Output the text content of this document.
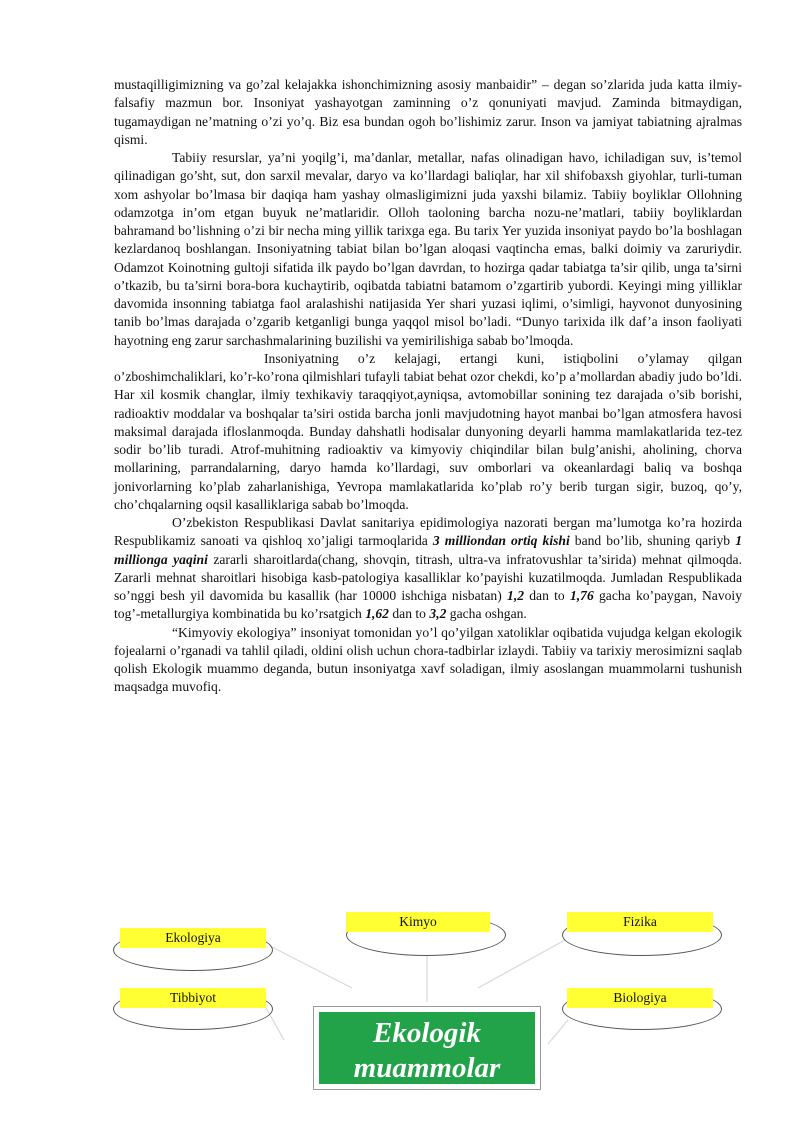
mustaqilligimizning va go’zal kelajakka ishonchimizning asosiy manbaidir” – degan so’zlarida juda katta ilmiy-falsafiy mazmun bor. Insoniyat yashayotgan zaminning o’z qonuniyati mavjud. Zaminda bitmaydigan, tugamaydigan ne’matning o’zi yo’q. Biz esa bundan ogoh bo’lishimiz zarur. Inson va jamiyat tabiatning ajralmas qismi.

Tabiiy resurslar, ya’ni yoqilg’i, ma’danlar, metallar, nafas olinadigan havo, ichiladigan suv, is’temol qilinadigan go’sht, sut, don sarxil mevalar, daryo va ko’llardagi baliqlar, har xil shifobaxsh giyohlar, turli-tuman xom ashyolar bo’lmasa bir daqiqa ham yashay olmasligimizni juda yaxshi bilamiz. Tabiiy boyliklar Ollohning odamzotga in’om etgan buyuk ne’matlaridir. Olloh taoloning barcha nozu-ne’matlari, tabiiy boyliklardan bahramand bo’lishning o’zi bir necha ming yillik tarixga ega. Bu tarix Yer yuzida insoniyat paydo bo’la boshlagan kezlardanoq boshlangan. Insoniyatning tabiat bilan bo’lgan aloqasi vaqtincha emas, balki doimiy va zaruriydir. Odamzot Koinotning gultoji sifatida ilk paydo bo’lgan davrdan, to hozirga qadar tabiatga ta’sir qilib, unga ta’sirni o’tkazib, bu ta’sirni bora-bora kuchaytirib, oqibatda tabiatni batamom o’zgartirib yubordi. Keyingi ming yilliklar davomida insonning tabiatga faol aralashishi natijasida Yer shari yuzasi iqlimi, o’simligi, hayvonot dunyosining tanib bo’lmas darajada o’zgarib ketganligi bunga yaqqol misol bo’ladi. “Dunyo tarixida ilk daf’a inson faoliyati hayotning eng zarur sarchashmalarining buzilishi va yemirilishiga sabab bo’lmoqda.

Insoniyatning o’z kelajagi, ertangi kuni, istiqbolini o’ylamay qilgan o’zboshimchaliklari, ko’r-ko’rona qilmishlari tufayli tabiat behat ozor chekdi, ko’p a’mollardan abadiy judo bo’ldi. Har xil kosmik changlar, ilmiy texhikaviy taraqqiyot,ayniqsa, avtomobillar sonining tez darajada o’sib borishi, radioaktiv moddalar va boshqalar ta’siri ostida barcha jonli mavjudotning hayot manbai bo’lgan atmosfera havosi maksimal darajada ifloslanmoqda. Bunday dahshatli hodisalar dunyoning deyarli hamma mamlakatlarida tez-tez sodir bo’lib turadi. Atrof-muhitning radioaktiv va kimyoviy chiqindilar bilan bulg’anishi, aholining, chorva mollarining, parrandalarning, daryo hamda ko’llardagi, suv omborlari va okeanlardagi baliq va boshqa jonivorlarning ko’plab zaharlanishiga, Yevropa mamlakatlarida ko’plab ro’y berib turgan sigir, buzoq, qo’y, cho’chqalarning oqsil kasalliklariga sabab bo’lmoqda.

O’zbekiston Respublikasi Davlat sanitariya epidimologiya nazorati bergan ma’lumotga ko’ra hozirda Respublikamiz sanoati va qishloq xo’jaligi tarmoqlarida 3 milliondan ortiq kishi band bo’lib, shuning qariyb 1 millionga yaqini zararli sharoitlarda(chang, shovqin, titrash, ultra-va infratovushlar ta’sirida) mehnat qilmoqda. Zararli mehnat sharoitlari hisobiga kasb-patologiya kasalliklar ko’payishi kuzatilmoqda. Jumladan Respublikada so’nggi besh yil davomida bu kasallik (har 10000 ishchiga nisbatan) 1,2 dan to 1,76 gacha ko’paygan, Navoiy tog’-metallurgiya kombinatida bu ko’rsatgich 1,62 dan to 3,2 gacha oshgan.

“Kimyoviy ekologiya” insoniyat tomonidan yo’l qo’yilgan xatoliklar oqibatida vujudga kelgan ekologik fojealarni o’rganadi va tahlil qiladi, oldini olish uchun chora-tadbirlar izlaydi. Tabiiy va tarixiy merosimizni saqlab qolish Ekologik muammo deganda, butun insoniyatga xavf soladigan, ilmiy asoslangan muammolarni tushunish maqsadga muvofiq.

Ekologiya
Kimyo	Fizika
Tibbiyot	Biologiya
Ekologik
muammolar
